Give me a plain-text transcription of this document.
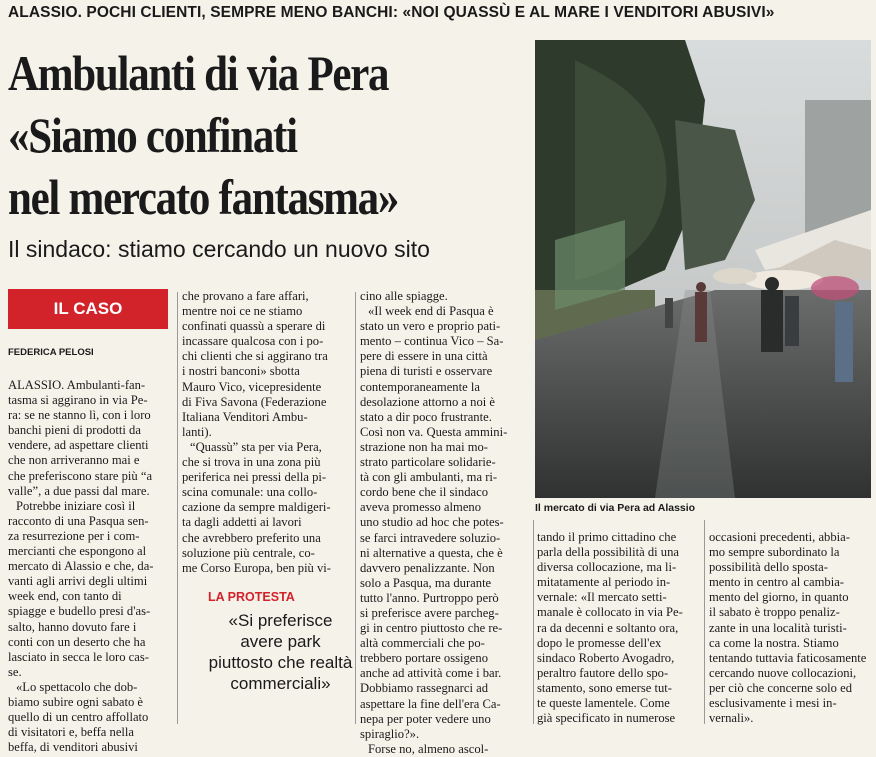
ALASSIO. POCHI CLIENTI, SEMPRE MENO BANCHI: «NOI QUASSÙ E AL MARE I VENDITORI ABUSIVI»
Ambulanti di via Pera
«Siamo confinati
nel mercato fantasma»
Il sindaco: stiamo cercando un nuovo sito
Il mercato di via Pera ad Alassio
IL CASO
FEDERICA PELOSI
ALASSIO. Ambulanti-fan-
tasma si aggirano in via Pe-
ra: se ne stanno lì, con i loro
banchi pieni di prodotti da
vendere, ad aspettare clienti
che non arriveranno mai e
che preferiscono stare più “a
valle”, a due passi dal mare.
Potrebbe iniziare così il
racconto di una Pasqua sen-
za resurrezione per i com-
mercianti che espongono al
mercato di Alassio e che, da-
vanti agli arrivi degli ultimi
week end, con tanto di
spiagge e budello presi d'as-
salto, hanno dovuto fare i
conti con un deserto che ha
lasciato in secca le loro cas-
se.
«Lo spettacolo che dob-
biamo subire ogni sabato è
quello di un centro affollato
di visitatori e, beffa nella
beffa, di venditori abusivi
che provano a fare affari,
mentre noi ce ne stiamo
confinati quassù a sperare di
incassare qualcosa con i po-
chi clienti che si aggirano tra
i nostri banconi» sbotta
Mauro Vico, vicepresidente
di Fiva Savona (Federazione
Italiana Venditori Ambu-
lanti).
“Quassù” sta per via Pera,
che si trova in una zona più
periferica nei pressi della pi-
scina comunale: una collo-
cazione da sempre maldigeri-
ta dagli addetti ai lavori
che avrebbero preferito una
soluzione più centrale, co-
me Corso Europa, ben più vi-
LA PROTESTA
«Si preferisce avere park piuttosto che realtà commerciali»
cino alle spiagge.
«Il week end di Pasqua è
stato un vero e proprio pati-
mento – continua Vico – Sa-
pere di essere in una città
piena di turisti e osservare
contemporaneamente la
desolazione attorno a noi è
stato a dir poco frustrante.
Così non va. Questa ammini-
strazione non ha mai mo-
strato particolare solidarie-
tà con gli ambulanti, ma ri-
cordo bene che il sindaco
aveva promesso almeno
uno studio ad hoc che potes-
se farci intravedere soluzio-
ni alternative a questa, che è
davvero penalizzante. Non
solo a Pasqua, ma durante
tutto l'anno. Purtroppo però
si preferisce avere parcheg-
gi in centro piuttosto che re-
altà commerciali che po-
trebbero portare ossigeno
anche ad attività come i bar.
Dobbiamo rassegnarci ad
aspettare la fine dell'era Ca-
nepa per poter vedere uno
spiraglio?».
Forse no, almeno ascol-
tando il primo cittadino che
parla della possibilità di una
diversa collocazione, ma li-
mitatamente al periodo in-
vernale: «Il mercato setti-
manale è collocato in via Pe-
ra da decenni e soltanto ora,
dopo le promesse dell'ex
sindaco Roberto Avogadro,
peraltro fautore dello spo-
stamento, sono emerse tut-
te queste lamentele. Come
già specificato in numerose
occasioni precedenti, abbia-
mo sempre subordinato la
possibilità dello sposta-
mento in centro al cambia-
mento del giorno, in quanto
il sabato è troppo penaliz-
zante in una località turisti-
ca come la nostra. Stiamo
tentando tuttavia faticosamente
cercando nuove collocazioni,
per ciò che concerne solo ed
esclusivamente i mesi in-
vernali».
